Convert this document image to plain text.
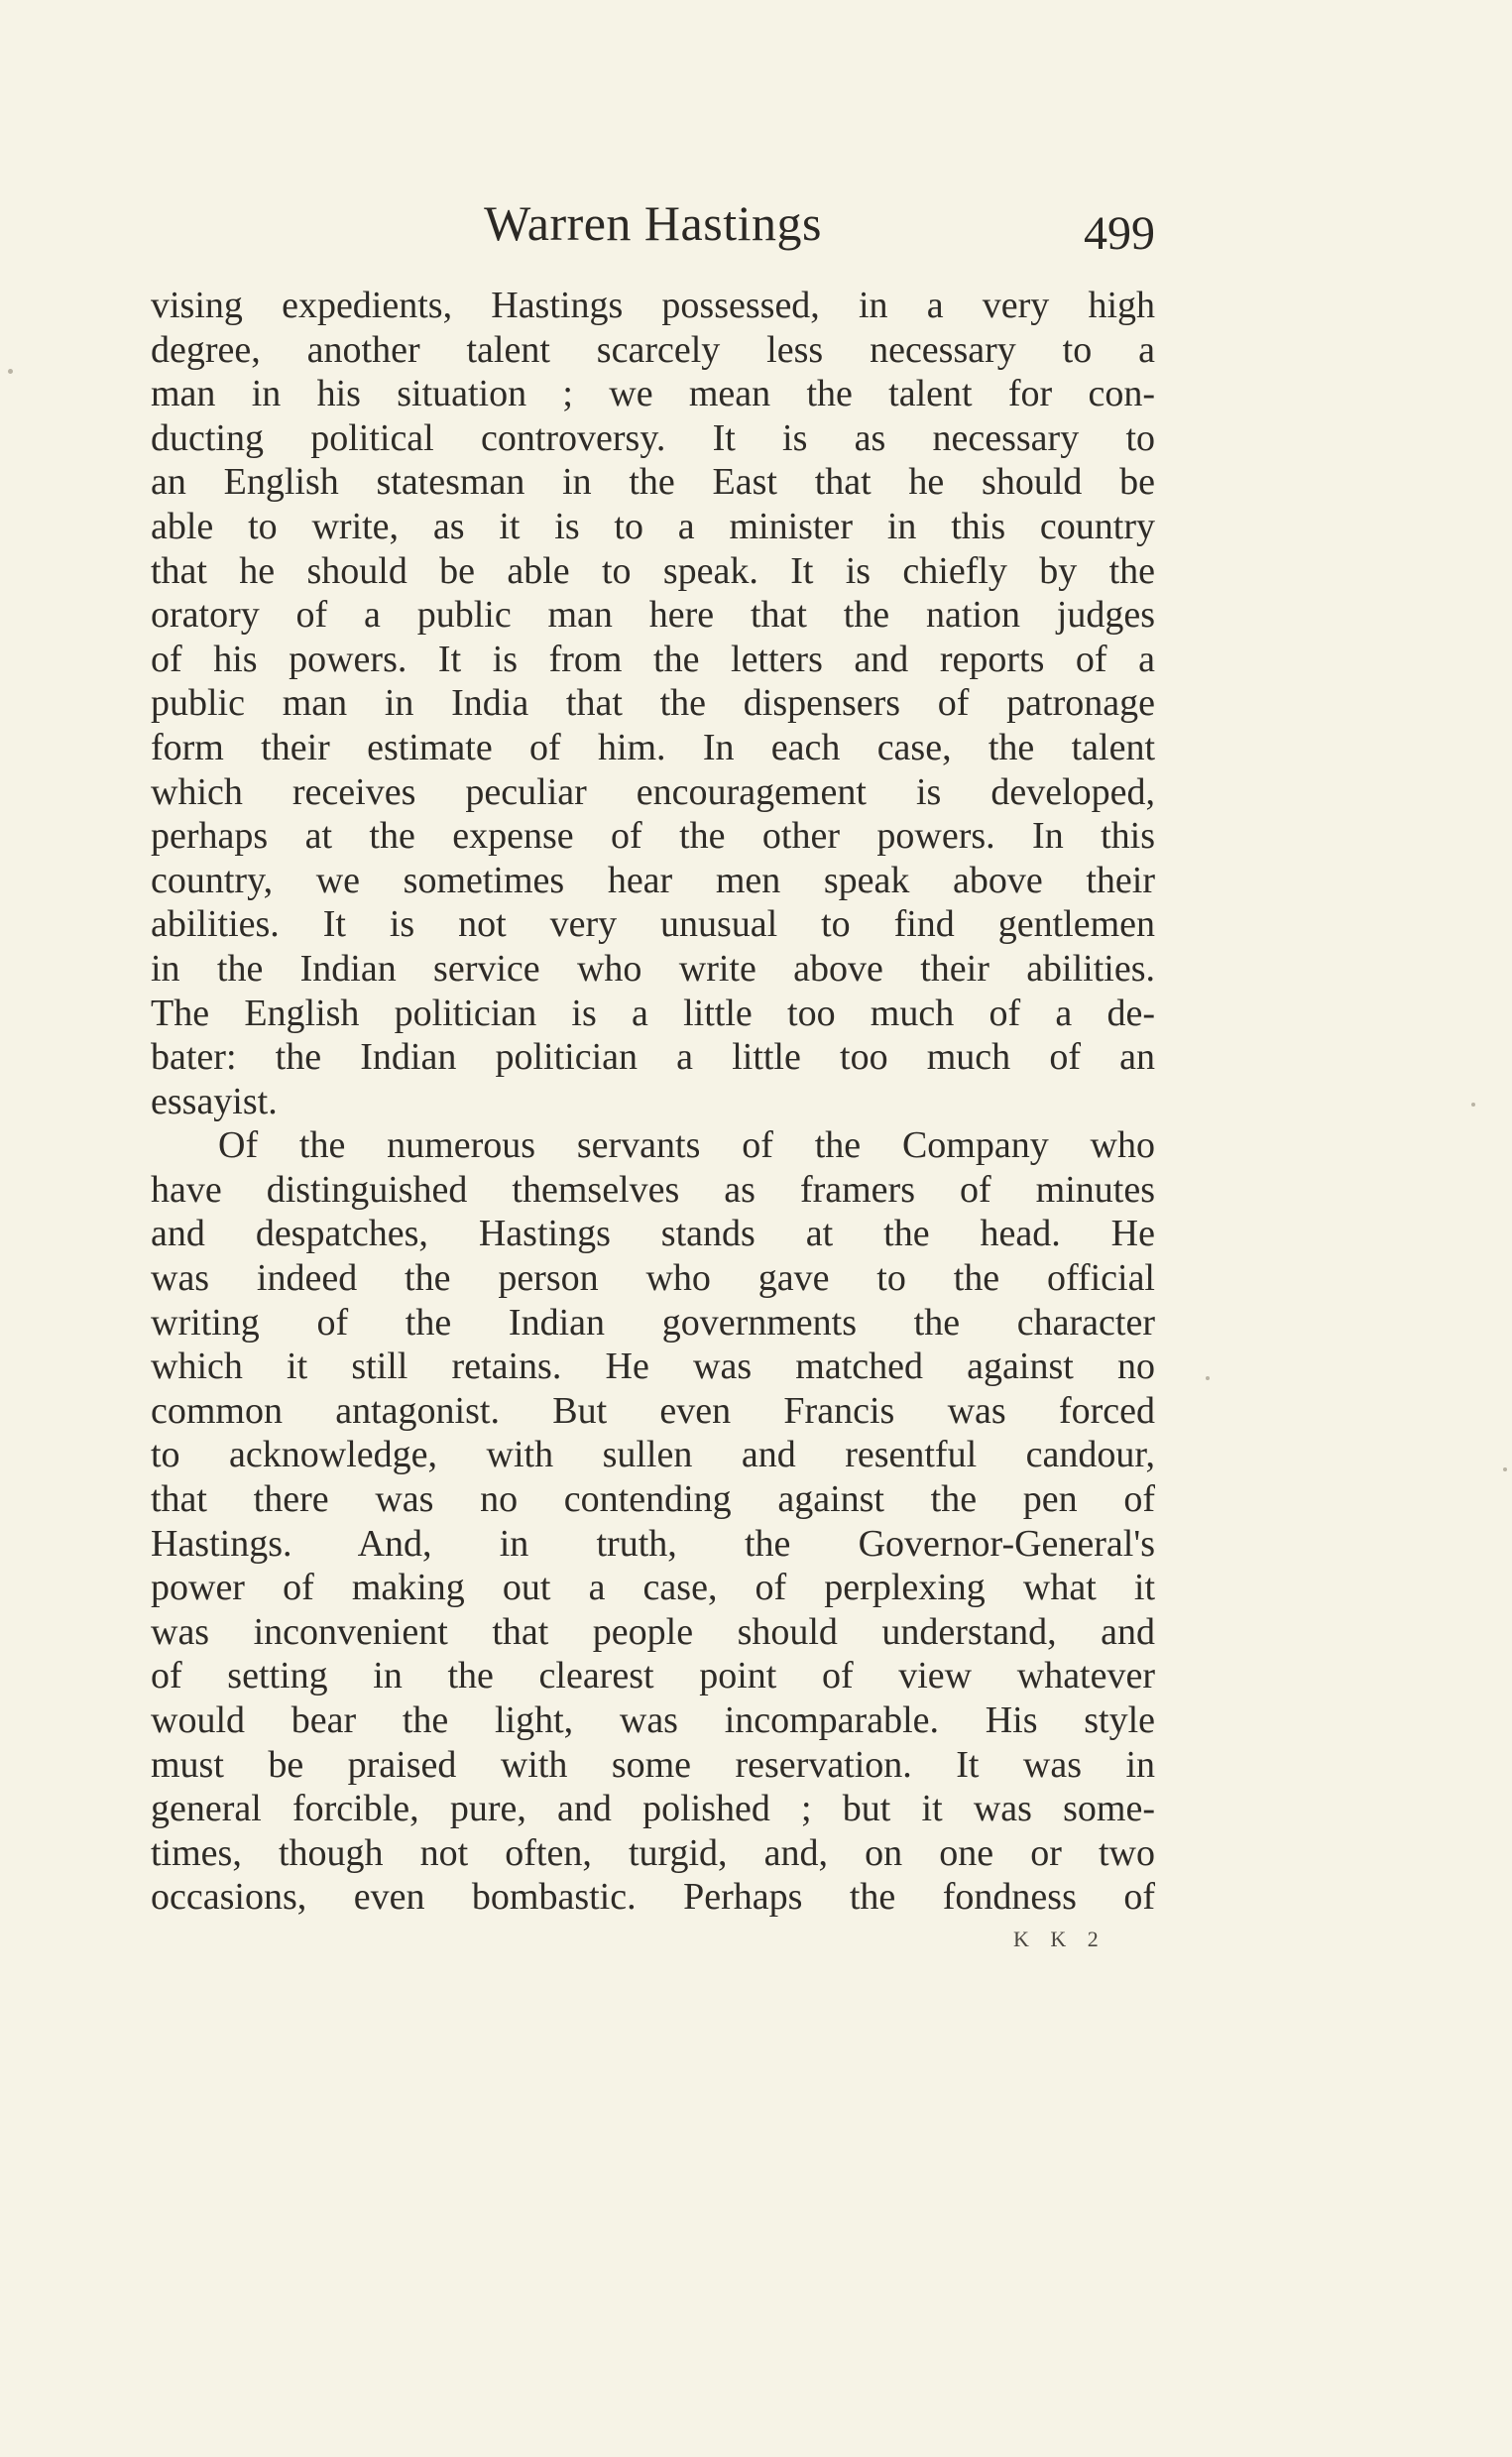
Warren Hastings	499
vising expedients, Hastings possessed, in a very high
degree, another talent scarcely less necessary to a
man in his situation ; we mean the talent for con-
ducting political controversy. It is as necessary to
an English statesman in the East that he should be
able to write, as it is to a minister in this country
that he should be able to speak. It is chiefly by the
oratory of a public man here that the nation judges
of his powers. It is from the letters and reports of a
public man in India that the dispensers of patronage
form their estimate of him. In each case, the talent
which receives peculiar encouragement is developed,
perhaps at the expense of the other powers. In this
country, we sometimes hear men speak above their
abilities. It is not very unusual to find gentlemen
in the Indian service who write above their abilities.
The English politician is a little too much of a de-
bater: the Indian politician a little too much of an
essayist.
Of the numerous servants of the Company who
have distinguished themselves as framers of minutes
and despatches, Hastings stands at the head. He
was indeed the person who gave to the official
writing of the Indian governments the character
which it still retains. He was matched against no
common antagonist. But even Francis was forced
to acknowledge, with sullen and resentful candour,
that there was no contending against the pen of
Hastings. And, in truth, the Governor-General's
power of making out a case, of perplexing what it
was inconvenient that people should understand, and
of setting in the clearest point of view whatever
would bear the light, was incomparable. His style
must be praised with some reservation. It was in
general forcible, pure, and polished ; but it was some-
times, though not often, turgid, and, on one or two
occasions, even bombastic. Perhaps the fondness of
K K 2
